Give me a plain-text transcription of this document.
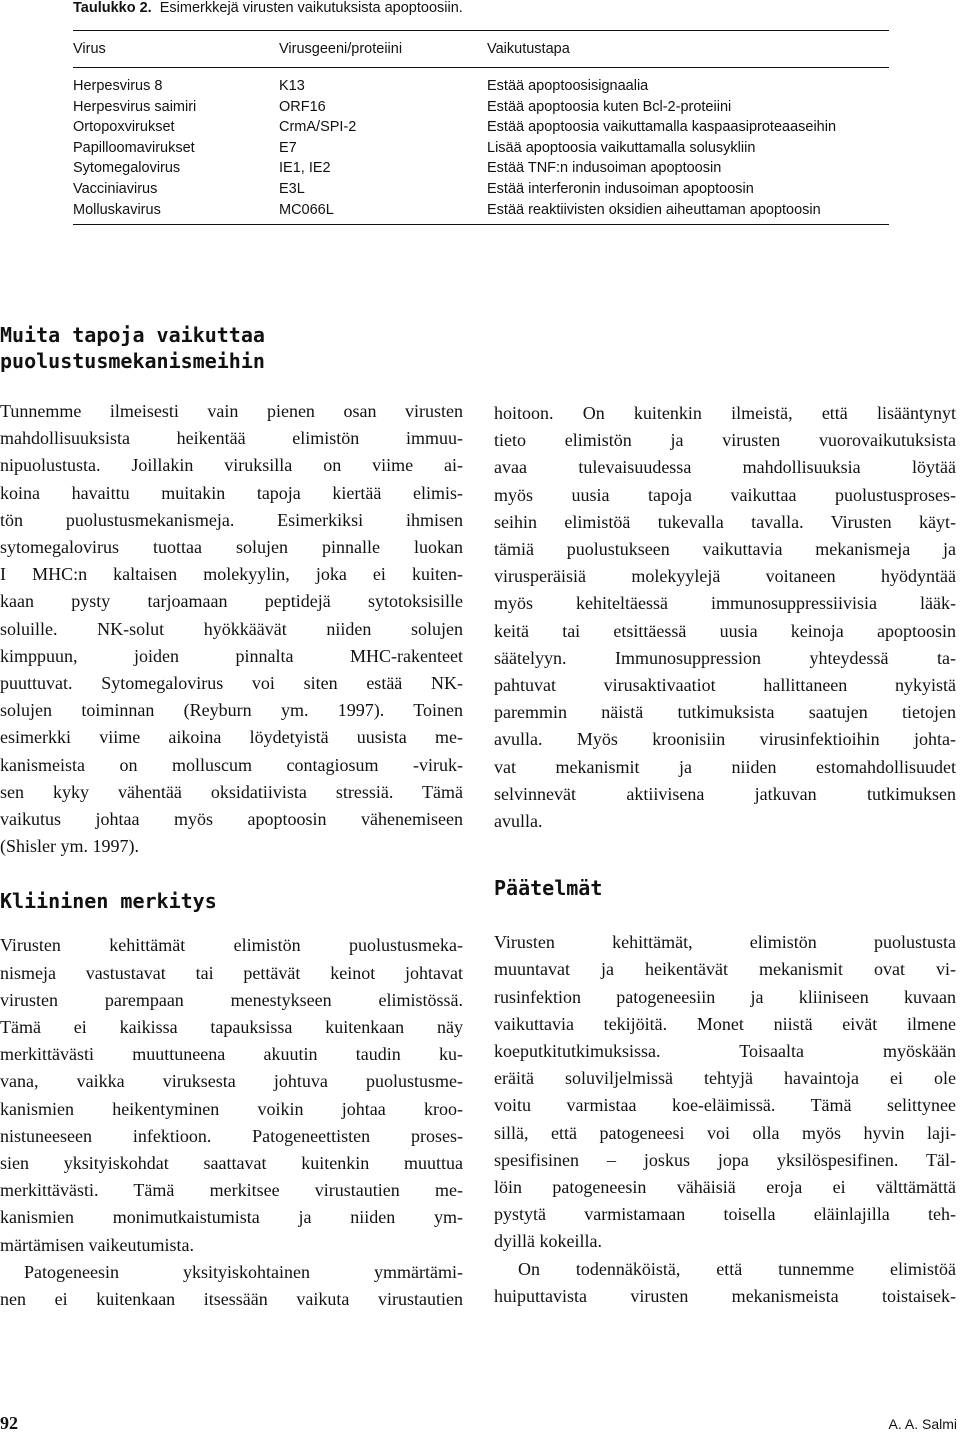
Taulukko 2. Esimerkkejä virusten vaikutuksista apoptoosiin.
Virus	Virusgeeni/proteiini	Vaikutustapa
Herpesvirus 8	K13	Estää apoptoosisignaalia
Herpesvirus saimiri	ORF16	Estää apoptoosia kuten Bcl-2-proteiini
Ortopoxvirukset	CrmA/SPI-2	Estää apoptoosia vaikuttamalla kaspaasiproteaaseihin
Papilloomavirukset	E7	Lisää apoptoosia vaikuttamalla solusykliin
Sytomegalovirus	IE1, IE2	Estää TNF:n indusoiman apoptoosin
Vacciniavirus	E3L	Estää interferonin indusoiman apoptoosin
Molluskavirus	MC066L	Estää reaktiivisten oksidien aiheuttaman apoptoosin
Muita tapoja vaikuttaa
puolustusmekanismeihin
Tunnemme ilmeisesti vain pienen osan virusten
mahdollisuuksista heikentää elimistön immuu-
nipuolustusta. Joillakin viruksilla on viime ai-
koina havaittu muitakin tapoja kiertää elimis-
tön puolustusmekanismeja. Esimerkiksi ihmisen
sytomegalovirus tuottaa solujen pinnalle luokan
I MHC:n kaltaisen molekyylin, joka ei kuiten-
kaan pysty tarjoamaan peptidejä sytotoksisille
soluille. NK-solut hyökkäävät niiden solujen
kimppuun, joiden pinnalta MHC-rakenteet
puuttuvat. Sytomegalovirus voi siten estää NK-
solujen toiminnan (Reyburn ym. 1997). Toinen
esimerkki viime aikoina löydetyistä uusista me-
kanismeista on molluscum contagiosum -viruk-
sen kyky vähentää oksidatiivista stressiä. Tämä
vaikutus johtaa myös apoptoosin vähenemiseen
(Shisler ym. 1997).
Kliininen merkitys
Virusten kehittämät elimistön puolustusmeka-
nismeja vastustavat tai pettävät keinot johtavat
virusten parempaan menestykseen elimistössä.
Tämä ei kaikissa tapauksissa kuitenkaan näy
merkittävästi muuttuneena akuutin taudin ku-
vana, vaikka viruksesta johtuva puolustusme-
kanismien heikentyminen voikin johtaa kroo-
nistuneeseen infektioon. Patogeneettisten proses-
sien yksityiskohdat saattavat kuitenkin muuttua
merkittävästi. Tämä merkitsee virustautien me-
kanismien monimutkaistumista ja niiden ym-
märtämisen vaikeutumista.
Patogeneesin yksityiskohtainen ymmärtämi-
nen ei kuitenkaan itsessään vaikuta virustautien
hoitoon. On kuitenkin ilmeistä, että lisääntynyt
tieto elimistön ja virusten vuorovaikutuksista
avaa tulevaisuudessa mahdollisuuksia löytää
myös uusia tapoja vaikuttaa puolustusproses-
seihin elimistöä tukevalla tavalla. Virusten käyt-
tämiä puolustukseen vaikuttavia mekanismeja ja
virusperäisiä molekyylejä voitaneen hyödyntää
myös kehiteltäessä immunosuppressiivisia lääk-
keitä tai etsittäessä uusia keinoja apoptoosin
säätelyyn. Immunosuppression yhteydessä ta-
pahtuvat virusaktivaatiot hallittaneen nykyistä
paremmin näistä tutkimuksista saatujen tietojen
avulla. Myös kroonisiin virusinfektioihin johta-
vat mekanismit ja niiden estomahdollisuudet
selvinnevät aktiivisena jatkuvan tutkimuksen
avulla.
Päätelmät
Virusten kehittämät, elimistön puolustusta
muuntavat ja heikentävät mekanismit ovat vi-
rusinfektion patogeneesiin ja kliiniseen kuvaan
vaikuttavia tekijöitä. Monet niistä eivät ilmene
koeputkitutkimuksissa. Toisaalta myöskään
eräitä soluviljelmissä tehtyjä havaintoja ei ole
voitu varmistaa koe-eläimissä. Tämä selittynee
sillä, että patogeneesi voi olla myös hyvin laji-
spesifisinen – joskus jopa yksilöspesifinen. Täl-
löin patogeneesin vähäisiä eroja ei välttämättä
pystytä varmistamaan toisella eläinlajilla teh-
dyillä kokeilla.
On todennäköistä, että tunnemme elimistöä
huiputtavista virusten mekanismeista toistaisek-
92	A. A. Salmi
